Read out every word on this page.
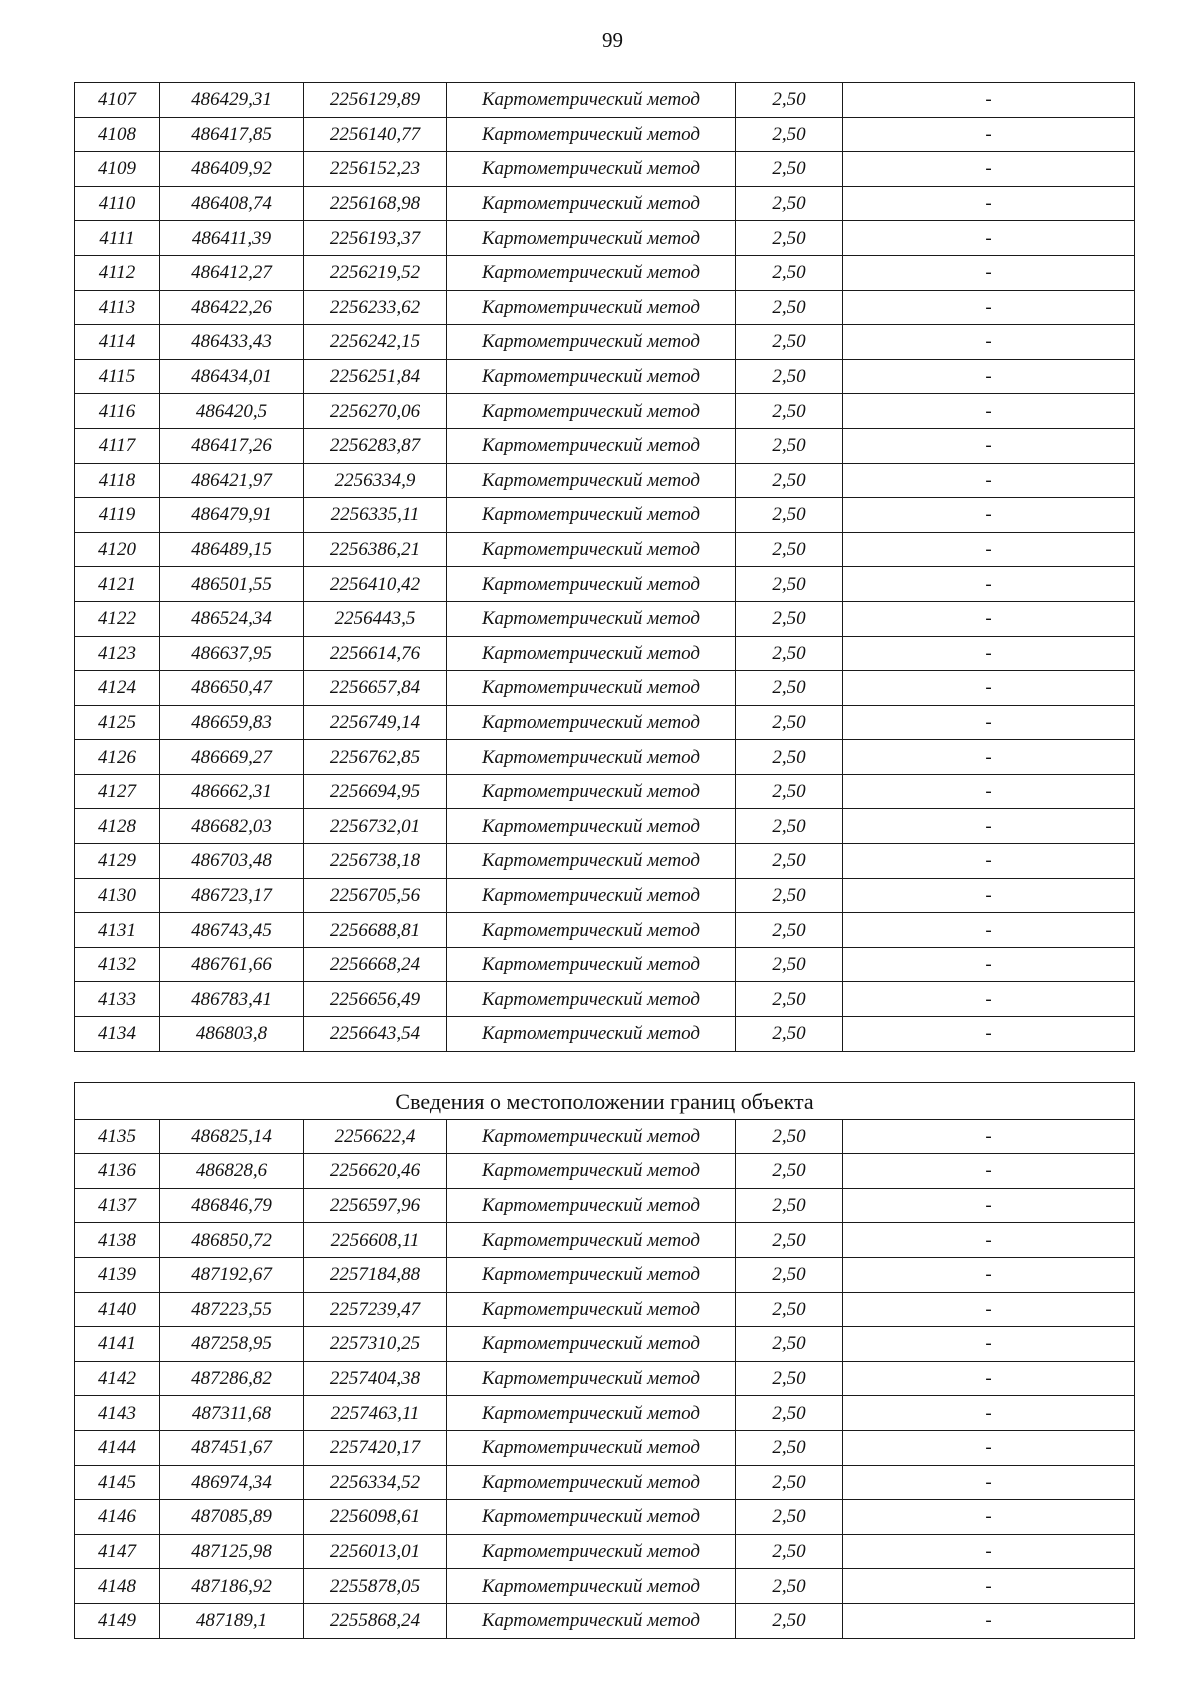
99
4107	486429,31	2256129,89	Картометрический метод	2,50	-
4108	486417,85	2256140,77	Картометрический метод	2,50	-
4109	486409,92	2256152,23	Картометрический метод	2,50	-
4110	486408,74	2256168,98	Картометрический метод	2,50	-
4111	486411,39	2256193,37	Картометрический метод	2,50	-
4112	486412,27	2256219,52	Картометрический метод	2,50	-
4113	486422,26	2256233,62	Картометрический метод	2,50	-
4114	486433,43	2256242,15	Картометрический метод	2,50	-
4115	486434,01	2256251,84	Картометрический метод	2,50	-
4116	486420,5	2256270,06	Картометрический метод	2,50	-
4117	486417,26	2256283,87	Картометрический метод	2,50	-
4118	486421,97	2256334,9	Картометрический метод	2,50	-
4119	486479,91	2256335,11	Картометрический метод	2,50	-
4120	486489,15	2256386,21	Картометрический метод	2,50	-
4121	486501,55	2256410,42	Картометрический метод	2,50	-
4122	486524,34	2256443,5	Картометрический метод	2,50	-
4123	486637,95	2256614,76	Картометрический метод	2,50	-
4124	486650,47	2256657,84	Картометрический метод	2,50	-
4125	486659,83	2256749,14	Картометрический метод	2,50	-
4126	486669,27	2256762,85	Картометрический метод	2,50	-
4127	486662,31	2256694,95	Картометрический метод	2,50	-
4128	486682,03	2256732,01	Картометрический метод	2,50	-
4129	486703,48	2256738,18	Картометрический метод	2,50	-
4130	486723,17	2256705,56	Картометрический метод	2,50	-
4131	486743,45	2256688,81	Картометрический метод	2,50	-
4132	486761,66	2256668,24	Картометрический метод	2,50	-
4133	486783,41	2256656,49	Картометрический метод	2,50	-
4134	486803,8	2256643,54	Картометрический метод	2,50	-
Сведения о местоположении границ объекта					
4135	486825,14	2256622,4	Картометрический метод	2,50	-
4136	486828,6	2256620,46	Картометрический метод	2,50	-
4137	486846,79	2256597,96	Картометрический метод	2,50	-
4138	486850,72	2256608,11	Картометрический метод	2,50	-
4139	487192,67	2257184,88	Картометрический метод	2,50	-
4140	487223,55	2257239,47	Картометрический метод	2,50	-
4141	487258,95	2257310,25	Картометрический метод	2,50	-
4142	487286,82	2257404,38	Картометрический метод	2,50	-
4143	487311,68	2257463,11	Картометрический метод	2,50	-
4144	487451,67	2257420,17	Картометрический метод	2,50	-
4145	486974,34	2256334,52	Картометрический метод	2,50	-
4146	487085,89	2256098,61	Картометрический метод	2,50	-
4147	487125,98	2256013,01	Картометрический метод	2,50	-
4148	487186,92	2255878,05	Картометрический метод	2,50	-
4149	487189,1	2255868,24	Картометрический метод	2,50	-
